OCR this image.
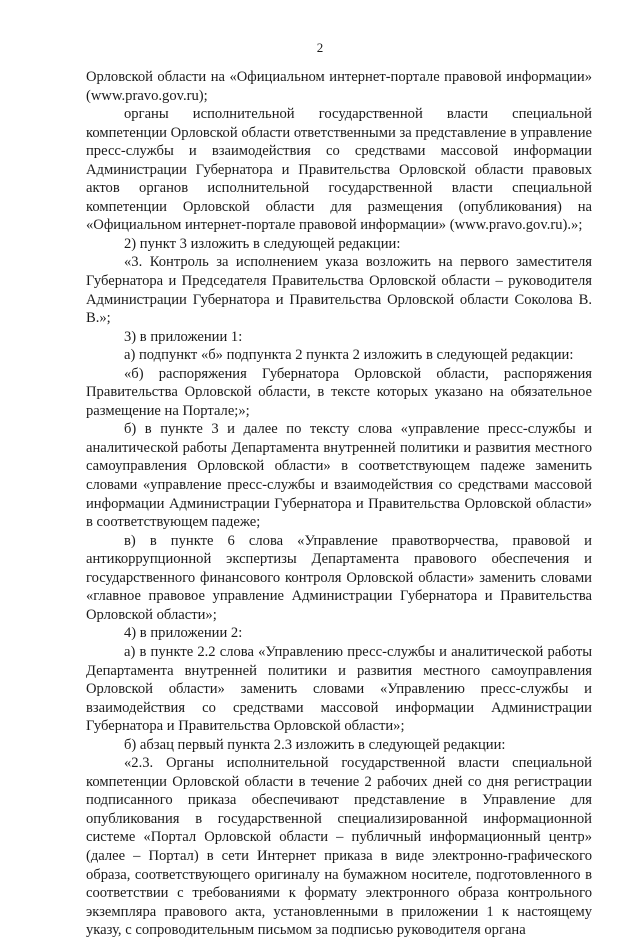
2

Орловской области на «Официальном интернет-портале правовой информации» (www.pravo.gov.ru);

органы исполнительной государственной власти специальной компетенции Орловской области ответственными за представление в управление пресс-службы и взаимодействия со средствами массовой информации Администрации Губернатора и Правительства Орловской области правовых актов органов исполнительной государственной власти специальной компетенции Орловской области для размещения (опубликования) на «Официальном интернет-портале правовой информации» (www.pravo.gov.ru).»;

2) пункт 3 изложить в следующей редакции:

«3. Контроль за исполнением указа возложить на первого заместителя Губернатора и Председателя Правительства Орловской области – руководителя Администрации Губернатора и Правительства Орловской области Соколова В. В.»;

3) в приложении 1:

а) подпункт «б» подпункта 2 пункта 2 изложить в следующей редакции:

«б) распоряжения Губернатора Орловской области, распоряжения Правительства Орловской области, в тексте которых указано на обязательное размещение на Портале;»;

б) в пункте 3 и далее по тексту слова «управление пресс-службы и аналитической работы Департамента внутренней политики и развития местного самоуправления Орловской области» в соответствующем падеже заменить словами «управление пресс-службы и взаимодействия со средствами массовой информации Администрации Губернатора и Правительства Орловской области» в соответствующем падеже;

в) в пункте 6 слова «Управление правотворчества, правовой и антикоррупционной экспертизы Департамента правового обеспечения и государственного финансового контроля Орловской области» заменить словами «главное правовое управление Администрации Губернатора и Правительства Орловской области»;

4) в приложении 2:

а) в пункте 2.2 слова «Управлению пресс-службы и аналитической работы Департамента внутренней политики и развития местного самоуправления Орловской области» заменить словами «Управлению пресс-службы и взаимодействия со средствами массовой информации Администрации Губернатора и Правительства Орловской области»;

б) абзац первый пункта 2.3 изложить в следующей редакции:

«2.3. Органы исполнительной государственной власти специальной компетенции Орловской области в течение 2 рабочих дней со дня регистрации подписанного приказа обеспечивают представление в Управление для опубликования в государственной специализированной информационной системе «Портал Орловской области – публичный информационный центр» (далее – Портал) в сети Интернет приказа в виде электронно-графического образа, соответствующего оригиналу на бумажном носителе, подготовленного в соответствии с требованиями к формату электронного образа контрольного экземпляра правового акта, установленными в приложении 1 к настоящему указу, с сопроводительным письмом за подписью руководителя органа
